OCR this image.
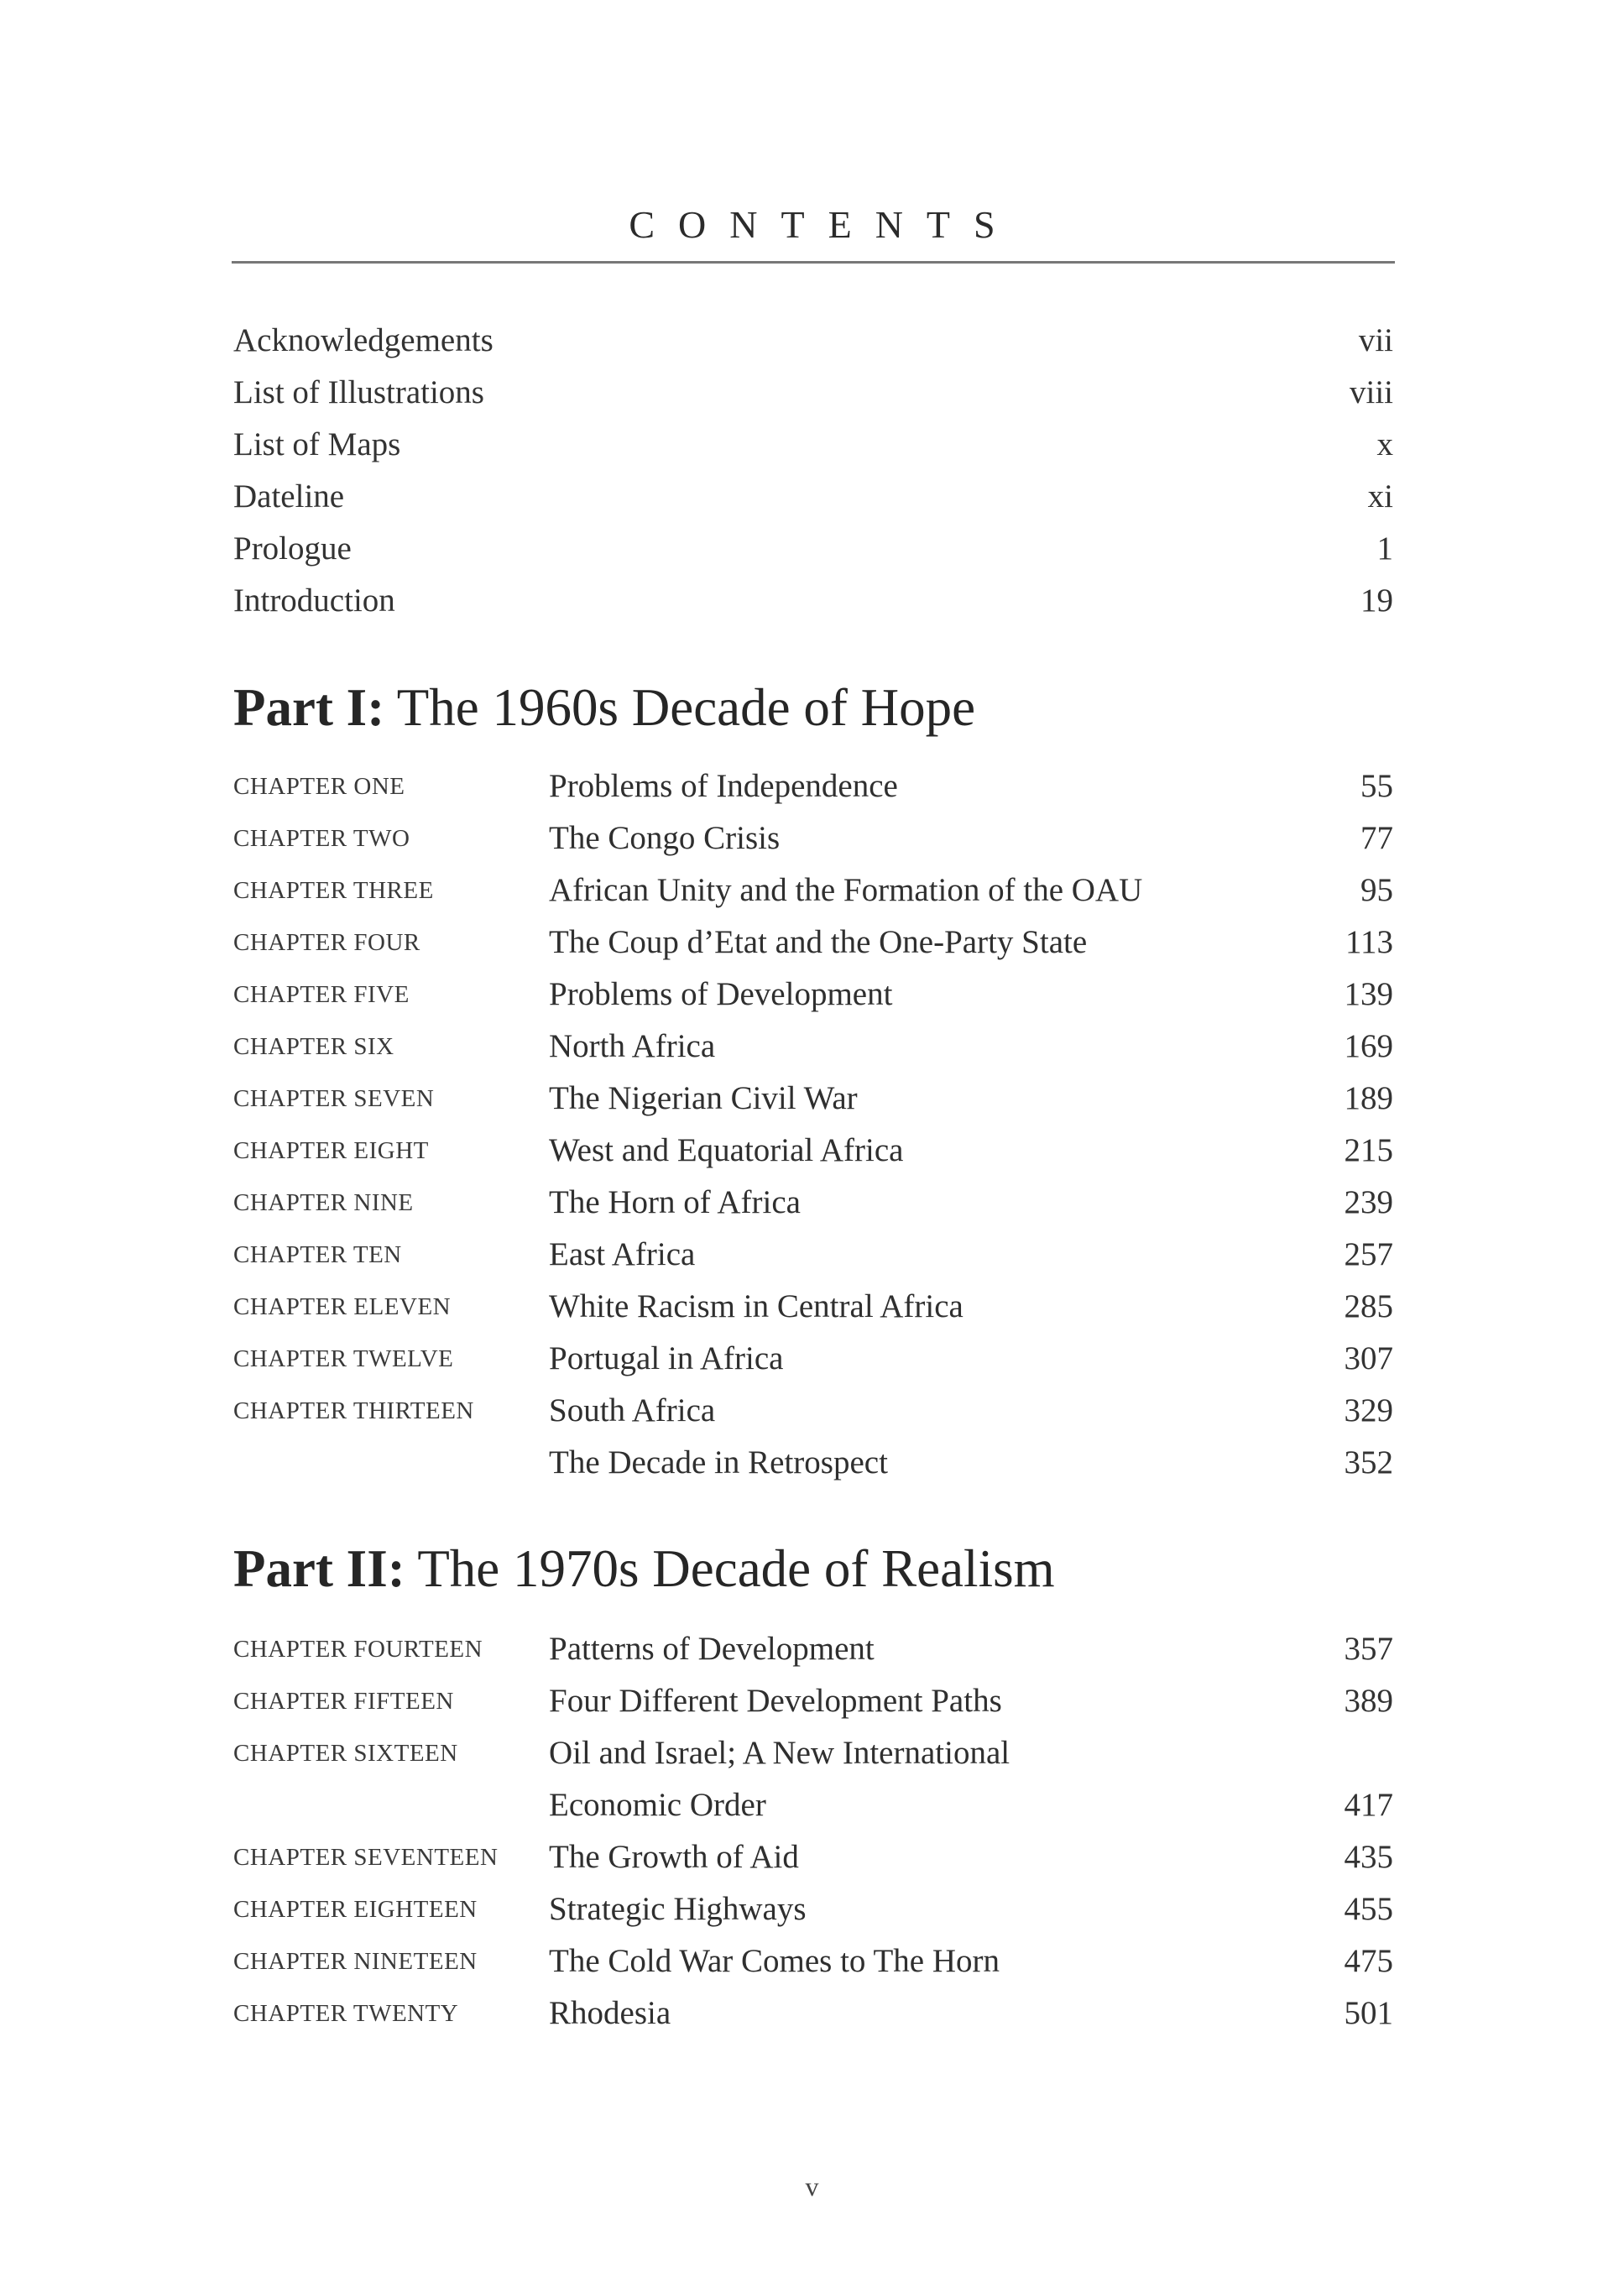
CONTENTS
Acknowledgements	vii
List of Illustrations	viii
List of Maps	x
Dateline	xi
Prologue	1
Introduction	19
Part I: The 1960s Decade of Hope
CHAPTER ONE	Problems of Independence	55
CHAPTER TWO	The Congo Crisis	77
CHAPTER THREE	African Unity and the Formation of the OAU	95
CHAPTER FOUR	The Coup d’Etat and the One-Party State	113
CHAPTER FIVE	Problems of Development	139
CHAPTER SIX	North Africa	169
CHAPTER SEVEN	The Nigerian Civil War	189
CHAPTER EIGHT	West and Equatorial Africa	215
CHAPTER NINE	The Horn of Africa	239
CHAPTER TEN	East Africa	257
CHAPTER ELEVEN	White Racism in Central Africa	285
CHAPTER TWELVE	Portugal in Africa	307
CHAPTER THIRTEEN South Africa	329
The Decade in Retrospect	352
Part II: The 1970s Decade of Realism
CHAPTER FOURTEEN Patterns of Development	357
CHAPTER FIFTEEN	Four Different Development Paths	389
CHAPTER SIXTEEN	Oil and Israel; A New International Economic Order	417
CHAPTER SEVENTEEN The Growth of Aid	435
CHAPTER EIGHTEEN Strategic Highways	455
CHAPTER NINETEEN The Cold War Comes to The Horn	475
CHAPTER TWENTY	Rhodesia	501
v
